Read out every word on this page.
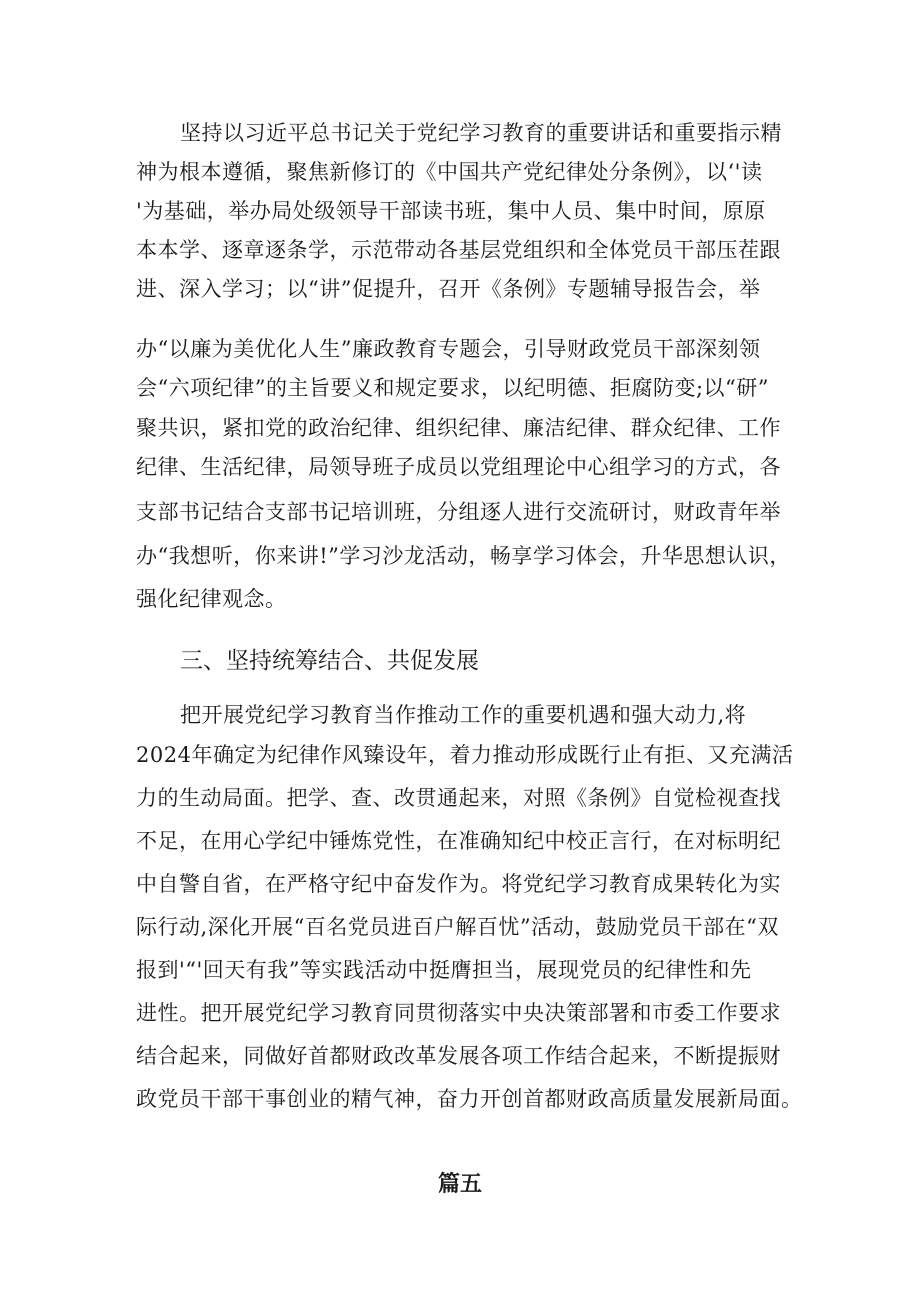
坚持以习近平总书记关于党纪学习教育的重要讲话和重要指示精
神为根本遵循，聚焦新修订的《中国共产党纪律处分条例》，以‘'读
'为基础，举办局处级领导干部读书班，集中人员、集中时间，原原
本本学、逐章逐条学，示范带动各基层党组织和全体党员干部压茬跟
进、深入学习；以“讲”促提升，召开《条例》专题辅导报告会，举
办“以廉为美优化人生”廉政教育专题会，引导财政党员干部深刻领
会“六项纪律”的主旨要义和规定要求，以纪明德、拒腐防变;以“研”
聚共识，紧扣党的政治纪律、组织纪律、廉洁纪律、群众纪律、工作
纪律、生活纪律，局领导班子成员以党组理论中心组学习的方式，各
支部书记结合支部书记培训班，分组逐人进行交流研讨，财政青年举
办“我想听，你来讲!”学习沙龙活动，畅享学习体会，升华思想认识，
强化纪律观念。
三、坚持统筹结合、共促发展
把开展党纪学习教育当作推动工作的重要机遇和强大动力,将
2024年确定为纪律作风臻设年，着力推动形成既行止有拒、又充满活
力的生动局面。把学、查、改贯通起来，对照《条例》自觉检视查找
不足，在用心学纪中锤炼党性，在准确知纪中校正言行，在对标明纪
中自警自省，在严格守纪中奋发作为。将党纪学习教育成果转化为实
际行动,深化开展“百名党员进百户解百忧”活动，鼓励党员干部在“双
报到'“'回天有我”等实践活动中挺膺担当，展现党员的纪律性和先
进性。把开展党纪学习教育同贯彻落实中央决策部署和市委工作要求
结合起来，同做好首都财政改革发展各项工作结合起来，不断提振财
政党员干部干事创业的精气神，奋力开创首都财政高质量发展新局面。
篇五
